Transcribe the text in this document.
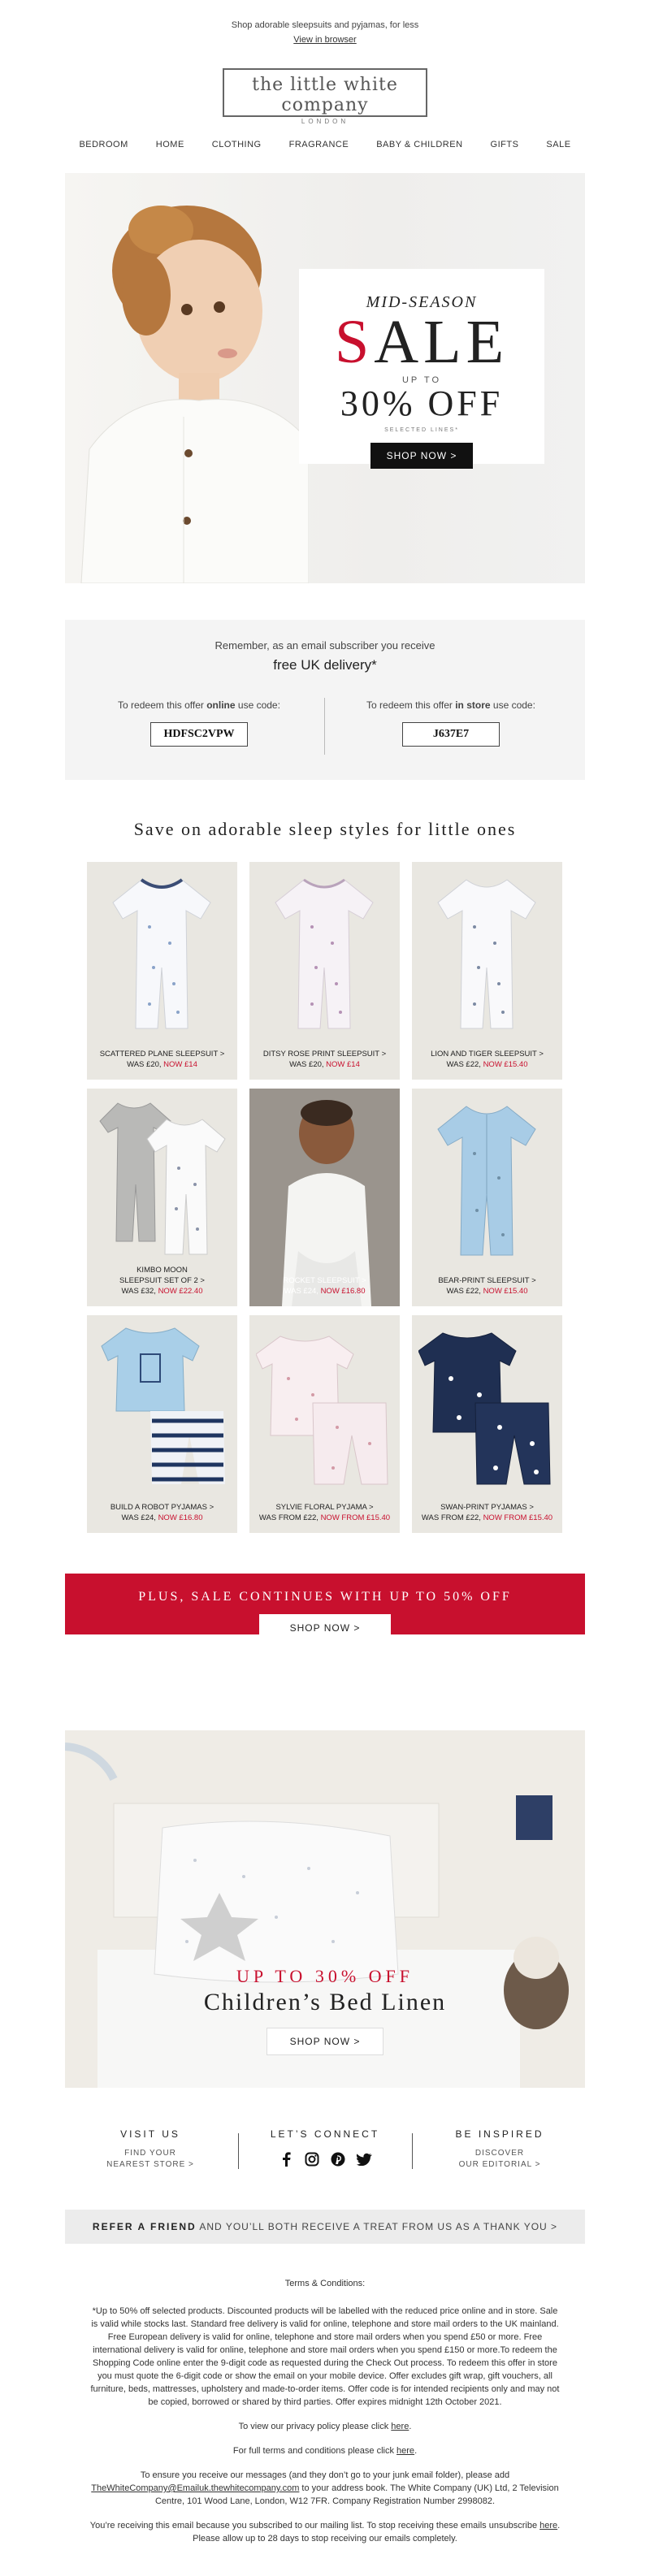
Shop adorable sleepsuits and pyjamas, for less
View in browser
the little white company
LONDON
BEDROOM	HOME	CLOTHING	FRAGRANCE	BABY & CHILDREN	GIFTS	SALE
MID-SEASON
SALE
UP TO
30% OFF
SELECTED LINES*
SHOP NOW >
Remember, as an email subscriber you receive
free UK delivery*
To redeem this offer online use code:
HDFSC2VPW
To redeem this offer in store use code:
J637E7
Save on adorable sleep styles for little ones
SCATTERED PLANE SLEEPSUIT >
WAS £20, NOW £14
DITSY ROSE PRINT SLEEPSUIT >
WAS £20, NOW £14
LION AND TIGER SLEEPSUIT >
WAS £22, NOW £15.40
KIMBO MOON SLEEPSUIT SET OF 2 >
WAS £32, NOW £22.40
ROCKET SLEEPSUIT >
WAS £24, NOW £16.80
BEAR-PRINT SLEEPSUIT >
WAS £22, NOW £15.40
BUILD A ROBOT PYJAMAS >
WAS £24, NOW £16.80
SYLVIE FLORAL PYJAMA >
WAS FROM £22, NOW FROM £15.40
SWAN-PRINT PYJAMAS >
WAS FROM £22, NOW FROM £15.40
PLUS, SALE CONTINUES WITH UP TO 50% OFF
SHOP NOW >
UP TO 30% OFF
Children’s Bed Linen
SHOP NOW >
VISIT US
FIND YOUR
NEAREST STORE >
LET’S CONNECT	BE INSPIRED
DISCOVER
OUR EDITORIAL >
REFER A FRIEND AND YOU’LL BOTH RECEIVE A TREAT FROM US AS A THANK YOU >

Terms & Conditions:

*Up to 50% off selected products. Discounted products will be labelled with the reduced price online and in store. Sale is valid while stocks last. Standard free delivery is valid for online, telephone and store mail orders to the UK mainland. Free European delivery is valid for online, telephone and store mail orders when you spend £50 or more. Free international delivery is valid for online, telephone and store mail orders when you spend £150 or more.To redeem the Shopping Code online enter the 9-digit code as requested during the Check Out process. To redeem this offer in store you must quote the 6-digit code or show the email on your mobile device. Offer excludes gift wrap, gift vouchers, all furniture, beds, mattresses, upholstery and made-to-order items. Offer code is for intended recipients only and may not be copied, borrowed or shared by third parties. Offer expires midnight 12th October 2021.

To view our privacy policy please click here.

For full terms and conditions please click here.

To ensure you receive our messages (and they don’t go to your junk email folder), please add TheWhiteCompany@Emailuk.thewhitecompany.com to your address book. The White Company (UK) Ltd, 2 Television Centre, 101 Wood Lane, London, W12 7FR. Company Registration Number 2998082.

You’re receiving this email because you subscribed to our mailing list. To stop receiving these emails unsubscribe here.
Please allow up to 28 days to stop receiving our emails completely.
